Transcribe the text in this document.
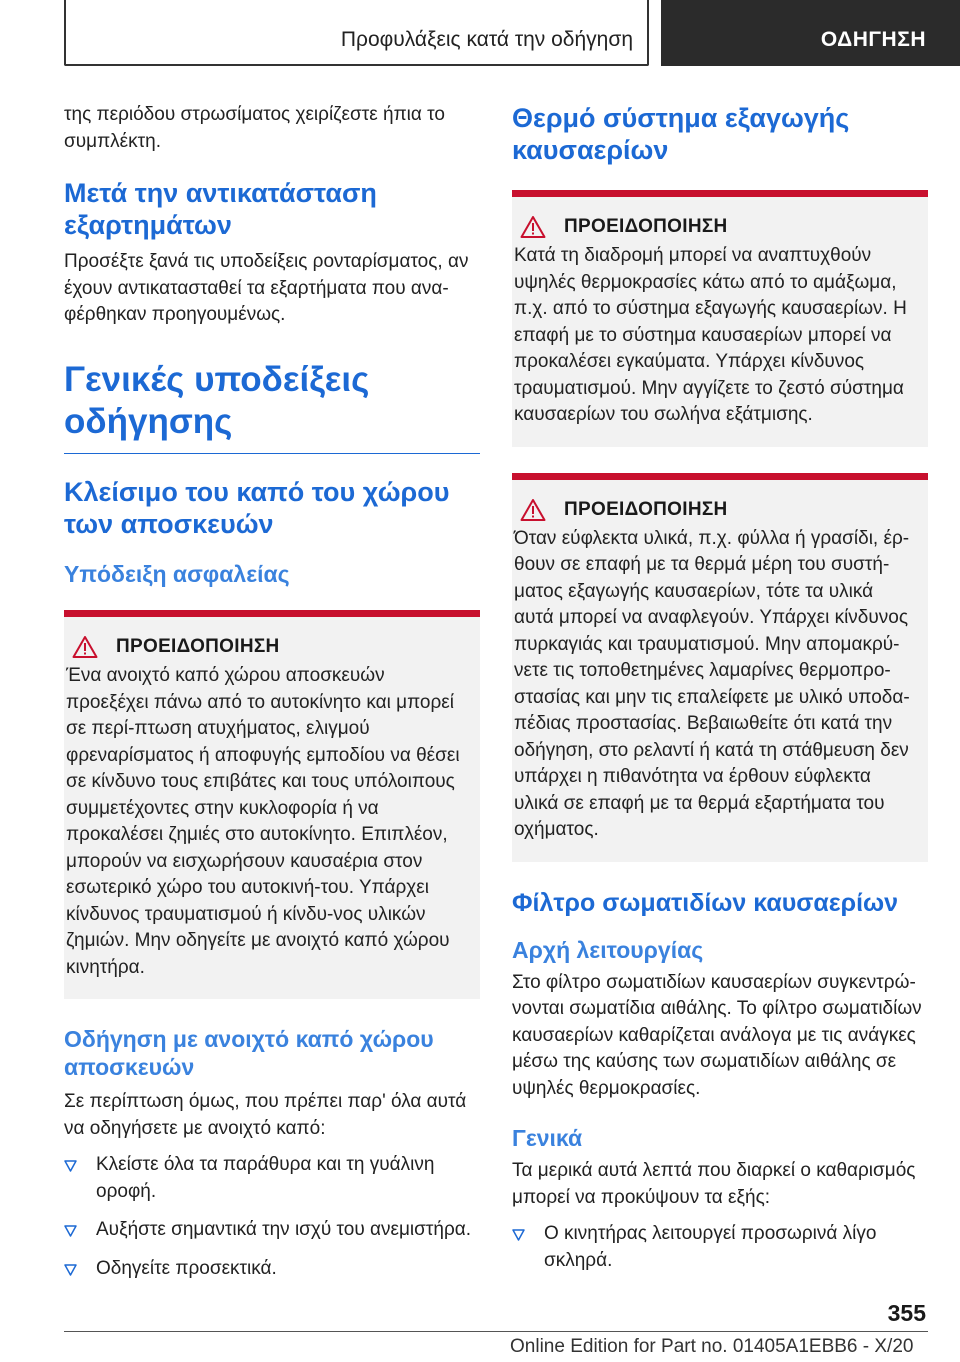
Προφυλάξεις κατά την οδήγηση	ΟΔΗΓΗΣΗ

της περιόδου στρωσίματος χειρίζεστε ήπια το συμπλέκτη.

Μετά την αντικατάσταση εξαρτημάτων

Προσέξτε ξανά τις υποδείξεις ρονταρίσματος, αν έχουν αντικατασταθεί τα εξαρτήματα που ανα-φέρθηκαν προηγουμένως.

Γενικές υποδείξεις οδήγησης
Κλείσιμο του καπό του χώρου των αποσκευών
Υπόδειξη ασφαλείας
ΠΡΟΕΙΔΟΠΟΙΗΣΗ

Ένα ανοιχτό καπό χώρου αποσκευών προεξέχει πάνω από το αυτοκίνητο και μπορεί σε περί-πτωση ατυχήματος, ελιγμού φρεναρίσματος ή αποφυγής εμποδίου να θέσει σε κίνδυνο τους επιβάτες και τους υπόλοιπους συμμετέχοντες στην κυκλοφορία ή να προκαλέσει ζημιές στο αυτοκίνητο. Επιπλέον, μπορούν να εισχωρήσουν καυσαέρια στον εσωτερικό χώρο του αυτοκινή-του. Υπάρχει κίνδυνος τραυματισμού ή κίνδυ-νος υλικών ζημιών. Μην οδηγείτε με ανοιχτό καπό χώρου κινητήρα.

Οδήγηση με ανοιχτό καπό χώρου αποσκευών

Σε περίπτωση όμως, που πρέπει παρ' όλα αυτά να οδηγήσετε με ανοιχτό καπό:

Κλείστε όλα τα παράθυρα και τη γυάλινη οροφή.
Αυξήστε σημαντικά την ισχύ του ανεμιστήρα.
Οδηγείτε προσεκτικά.
Θερμό σύστημα εξαγωγής καυσαερίων
ΠΡΟΕΙΔΟΠΟΙΗΣΗ

Κατά τη διαδρομή μπορεί να αναπτυχθούν υψηλές θερμοκρασίες κάτω από το αμάξωμα, π.χ. από το σύστημα εξαγωγής καυσαερίων. Η επαφή με το σύστημα καυσαερίων μπορεί να προκαλέσει εγκαύματα. Υπάρχει κίνδυνος τραυματισμού. Μην αγγίζετε το ζεστό σύστημα καυσαερίων του σωλήνα εξάτμισης.

ΠΡΟΕΙΔΟΠΟΙΗΣΗ

Όταν εύφλεκτα υλικά, π.χ. φύλλα ή γρασίδι, έρ-θουν σε επαφή με τα θερμά μέρη του συστή-ματος εξαγωγής καυσαερίων, τότε τα υλικά αυτά μπορεί να αναφλεγούν. Υπάρχει κίνδυνος πυρκαγιάς και τραυματισμού. Μην απομακρύ-νετε τις τοποθετημένες λαμαρίνες θερμοπρο-στασίας και μην τις επαλείφετε με υλικό υποδα-πέδιας προστασίας. Βεβαιωθείτε ότι κατά την οδήγηση, στο ρελαντί ή κατά τη στάθμευση δεν υπάρχει η πιθανότητα να έρθουν εύφλεκτα υλικά σε επαφή με τα θερμά εξαρτήματα του οχήματος.

Φίλτρο σωματιδίων καυσαερίων
Αρχή λειτουργίας

Στο φίλτρο σωματιδίων καυσαερίων συγκεντρώ-νονται σωματίδια αιθάλης. Το φίλτρο σωματιδίων καυσαερίων καθαρίζεται ανάλογα με τις ανάγκες μέσω της καύσης των σωματιδίων αιθάλης σε υψηλές θερμοκρασίες.

Γενικά

Τα μερικά αυτά λεπτά που διαρκεί ο καθαρισμός μπορεί να προκύψουν τα εξής:

Ο κινητήρας λειτουργεί προσωρινά λίγο σκληρά.
355
Online Edition for Part no. 01405A1EBB6 - X/20
